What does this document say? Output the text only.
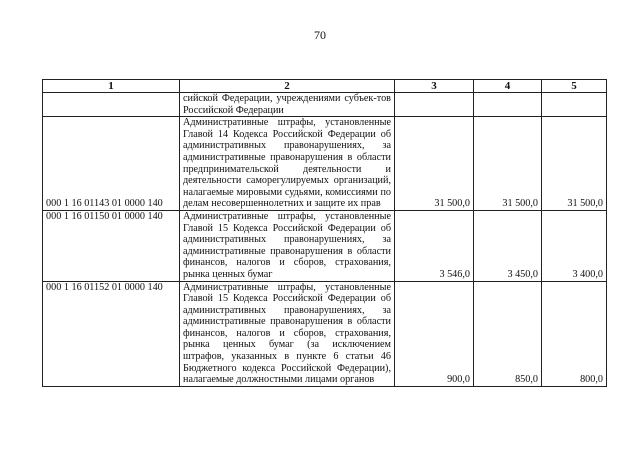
70
1	2	3	4	5
	сийской Федерации, учреждениями субъек-тов Российской Федерации			
000 1 16 01143 01 0000 140	Административные штрафы, установленные Главой 14 Кодекса Российской Федерации об административных правонарушениях, за административные правонарушения в области предпринимательской деятельности и деятельности саморегулируемых организаций, налагаемые мировыми судьями, комиссиями по делам несовершеннолетних и защите их прав	31 500,0	31 500,0	31 500,0
000 1 16 01150 01 0000 140	Административные штрафы, установленные Главой 15 Кодекса Российской Федерации об административных правонарушениях, за административные правонарушения в области финансов, налогов и сборов, страхования, рынка ценных бумаг	3 546,0	3 450,0	3 400,0
000 1 16 01152 01 0000 140	Административные штрафы, установленные Главой 15 Кодекса Российской Федерации об административных правонарушениях, за административные правонарушения в области финансов, налогов и сборов, страхования, рынка ценных бумаг (за исключением штрафов, указанных в пункте 6 статьи 46 Бюджетного кодекса Российской Федерации), налагаемые должностными лицами органов	900,0	850,0	800,0
